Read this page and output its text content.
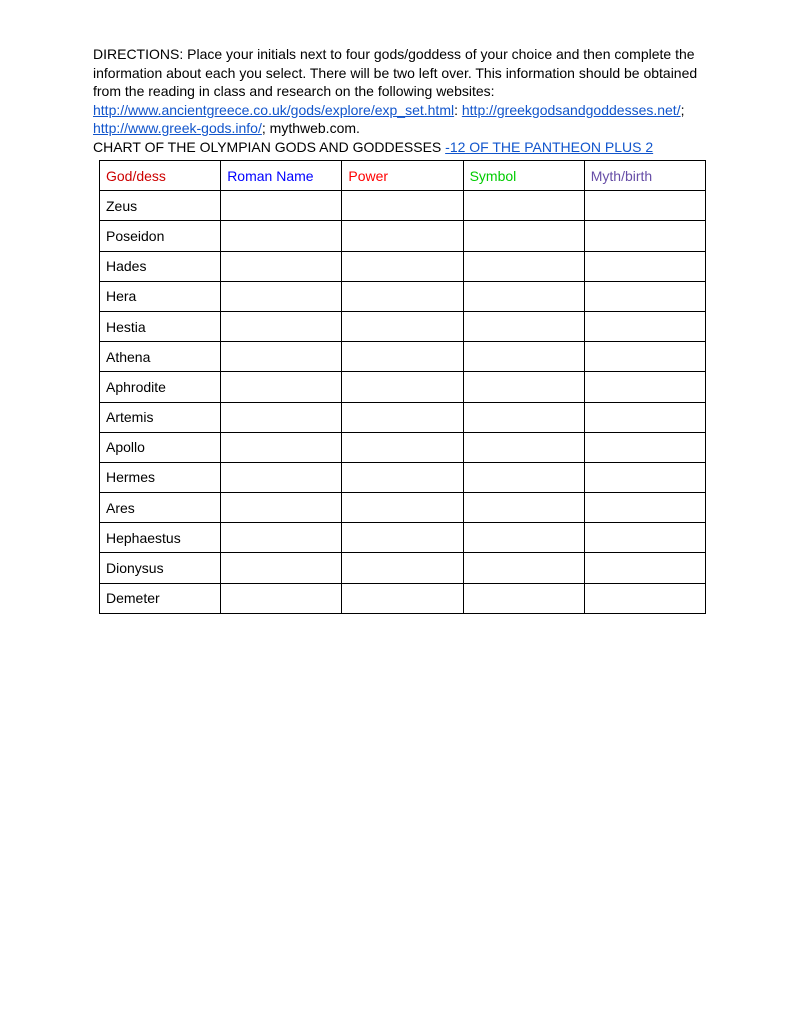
DIRECTIONS: Place your initials next to four gods/goddess of your choice and then complete the information about each you select. There will be two left over. This information should be obtained from the reading in class and research on the following websites:
http://www.ancientgreece.co.uk/gods/explore/exp_set.html: http://greekgodsandgoddesses.net/;
http://www.greek-gods.info/; mythweb.com.

CHART OF THE OLYMPIAN GODS AND GODDESSES -12 OF THE PANTHEON PLUS 2

God/dess	Roman Name	Power	Symbol	Myth/birth
Zeus				
Poseidon				
Hades				
Hera				
Hestia				
Athena				
Aphrodite				
Artemis				
Apollo				
Hermes				
Ares				
Hephaestus				
Dionysus				
Demeter				
